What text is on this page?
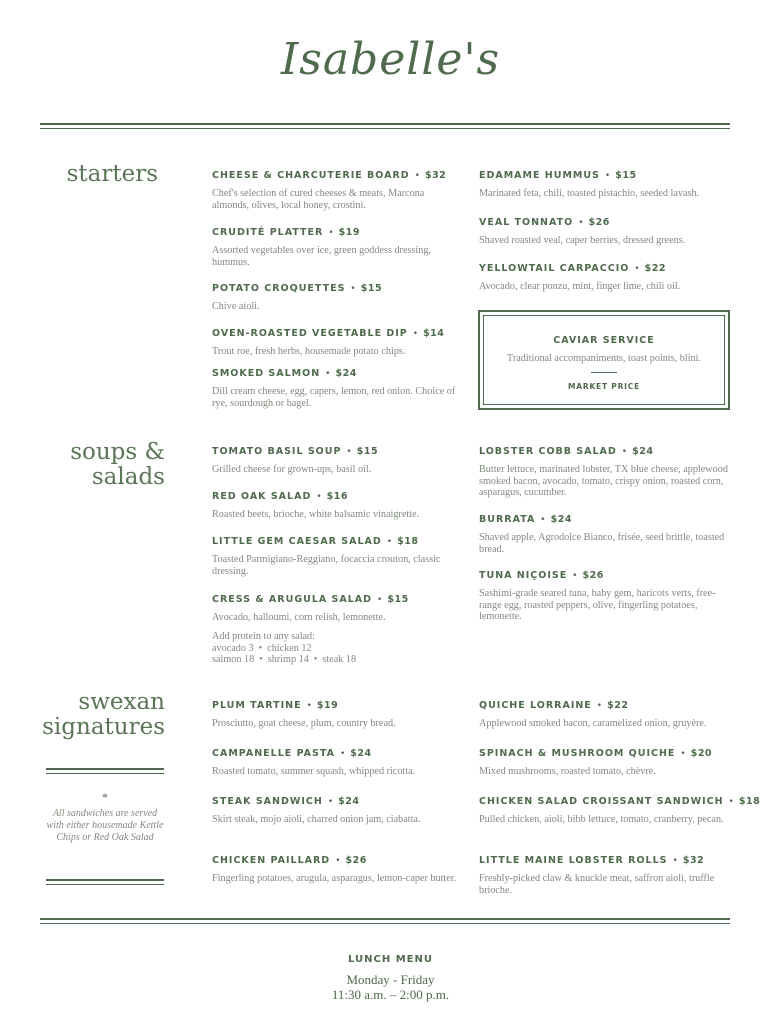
Isabelle's
starters	CHEESE & CHARCUTERIE BOARD • $32
Chef's selection of cured cheeses & meats, Marcona almonds, olives, local honey, crostini.
CRUDITÉ PLATTER • $19
Assorted vegetables over ice, green goddess dressing, hummus.
POTATO CROQUETTES • $15
Chive aioli.
OVEN-ROASTED VEGETABLE DIP • $14
Trout roe, fresh herbs, housemade potato chips.
SMOKED SALMON • $24
Dill cream cheese, egg, capers, lemon, red onion. Choice of rye, sourdough or bagel.
EDAMAME HUMMUS • $15
Marinated feta, chili, toasted pistachio, seeded lavash.
VEAL TONNATO • $26
Shaved roasted veal, caper berries, dressed greens.
YELLOWTAIL CARPACCIO • $22
Avocado, clear ponzu, mint, finger lime, chili oil.
CAVIAR SERVICE
Traditional accompaniments, toast points, blini.
MARKET PRICE
soups &
salads
TOMATO BASIL SOUP • $15
Grilled cheese for grown-ups, basil oil.
RED OAK SALAD • $16
Roasted beets, brioche, white balsamic vinaigrette.
LITTLE GEM CAESAR SALAD • $18
Toasted Parmigiano-Reggiano, focaccia crouton, classic dressing.
CRESS & ARUGULA SALAD • $15
Avocado, halloumi, corn relish, lemonette.
Add protein to any salad:
avocado 3 • chicken 12
salmon 18 • shrimp 14 • steak 18
LOBSTER COBB SALAD • $24
Butter lettuce, marinated lobster, TX blue cheese, applewood smoked bacon, avocado, tomato, crispy onion, roasted corn, asparagus, cucumber.
BURRATA • $24
Shaved apple, Agrodolce Bianco, frisée, seed brittle, toasted bread.
TUNA NIÇOISE • $26
Sashimi-grade seared tuna, baby gem, haricots verts, free-range egg, roasted peppers, olive, fingerling potatoes, lemonette.
swexan
signatures
*
All sandwiches are served with either housemade Kettle Chips or Red Oak Salad
PLUM TARTINE • $19
Prosciutto, goat cheese, plum, country bread.
CAMPANELLE PASTA • $24
Roasted tomato, summer squash, whipped ricotta.
STEAK SANDWICH • $24
Skirt steak, mojo aioli, charred onion jam, ciabatta.
CHICKEN PAILLARD • $26
Fingerling potatoes, arugula, asparagus, lemon-caper butter.
QUICHE LORRAINE • $22
Applewood smoked bacon, caramelized onion, gruyère.
SPINACH & MUSHROOM QUICHE • $20
Mixed mushrooms, roasted tomato, chèvre.
CHICKEN SALAD CROISSANT SANDWICH • $18
Pulled chicken, aioli, bibb lettuce, tomato, cranberry, pecan.
LITTLE MAINE LOBSTER ROLLS • $32
Freshly-picked claw & knuckle meat, saffron aioli, truffle brioche.
LUNCH MENU
Monday - Friday
11:30 a.m. – 2:00 p.m.
